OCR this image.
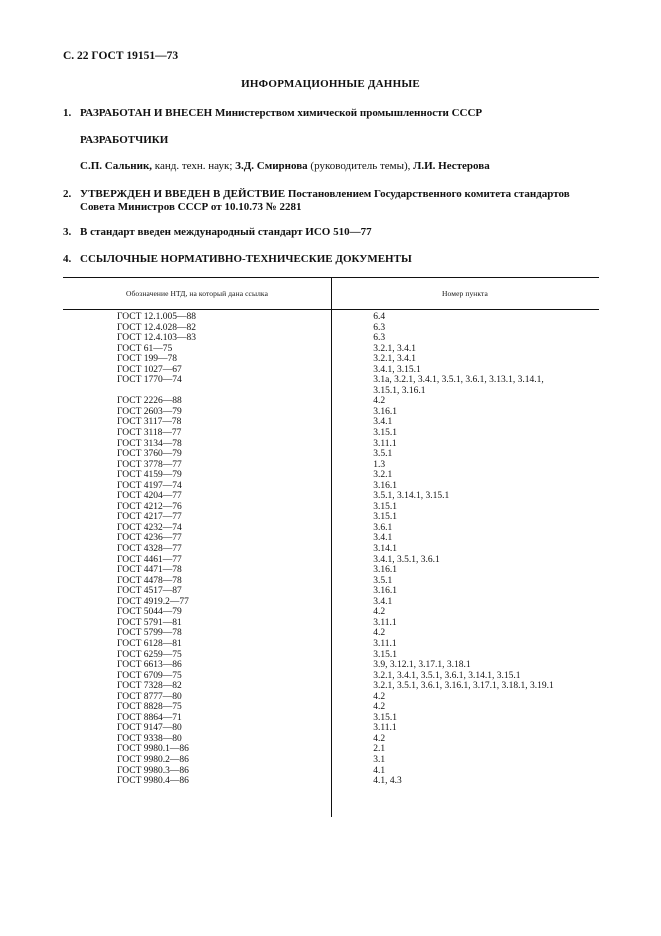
С. 22 ГОСТ 19151—73
ИНФОРМАЦИОННЫЕ ДАННЫЕ
1. РАЗРАБОТАН И ВНЕСЕН Министерством химической промышленности СССР
РАЗРАБОТЧИКИ
С.П. Сальник, канд. техн. наук; З.Д. Смирнова (руководитель темы), Л.И. Нестерова
2. УТВЕРЖДЕН И ВВЕДЕН В ДЕЙСТВИЕ Постановлением Государственного комитета стандартов
Совета Министров СССР от 10.10.73 № 2281
3. В стандарт введен международный стандарт ИСО 510—77
4. ССЫЛОЧНЫЕ НОРМАТИВНО-ТЕХНИЧЕСКИЕ ДОКУМЕНТЫ
Обозначение НТД, на который дана ссылка	Номер пункта
ГОСТ 12.1.005—88	6.4
ГОСТ 12.4.028—82	6.3
ГОСТ 12.4.103—83	6.3
ГОСТ 61—75	3.2.1, 3.4.1
ГОСТ 199—78	3.2.1, 3.4.1
ГОСТ 1027—67	3.4.1, 3.15.1
ГОСТ 1770—74	3.1а, 3.2.1, 3.4.1, 3.5.1, 3.6.1, 3.13.1, 3.14.1,
3.15.1, 3.16.1
ГОСТ 2226—88	4.2
ГОСТ 2603—79	3.16.1
ГОСТ 3117—78	3.4.1
ГОСТ 3118—77	3.15.1
ГОСТ 3134—78	3.11.1
ГОСТ 3760—79	3.5.1
ГОСТ 3778—77	1.3
ГОСТ 4159—79	3.2.1
ГОСТ 4197—74	3.16.1
ГОСТ 4204—77	3.5.1, 3.14.1, 3.15.1
ГОСТ 4212—76	3.15.1
ГОСТ 4217—77	3.15.1
ГОСТ 4232—74	3.6.1
ГОСТ 4236—77	3.4.1
ГОСТ 4328—77	3.14.1
ГОСТ 4461—77	3.4.1, 3.5.1, 3.6.1
ГОСТ 4471—78	3.16.1
ГОСТ 4478—78	3.5.1
ГОСТ 4517—87	3.16.1
ГОСТ 4919.2—77	3.4.1
ГОСТ 5044—79	4.2
ГОСТ 5791—81	3.11.1
ГОСТ 5799—78	4.2
ГОСТ 6128—81	3.11.1
ГОСТ 6259—75	3.15.1
ГОСТ 6613—86	3.9, 3.12.1, 3.17.1, 3.18.1
ГОСТ 6709—75	3.2.1, 3.4.1, 3.5.1, 3.6.1, 3.14.1, 3.15.1
ГОСТ 7328—82	3.2.1, 3.5.1, 3.6.1, 3.16.1, 3.17.1, 3.18.1, 3.19.1
ГОСТ 8777—80	4.2
ГОСТ 8828—75	4.2
ГОСТ 8864—71	3.15.1
ГОСТ 9147—80	3.11.1
ГОСТ 9338—80	4.2
ГОСТ 9980.1—86	2.1
ГОСТ 9980.2—86	3.1
ГОСТ 9980.3—86	4.1
ГОСТ 9980.4—86	4.1, 4.3
